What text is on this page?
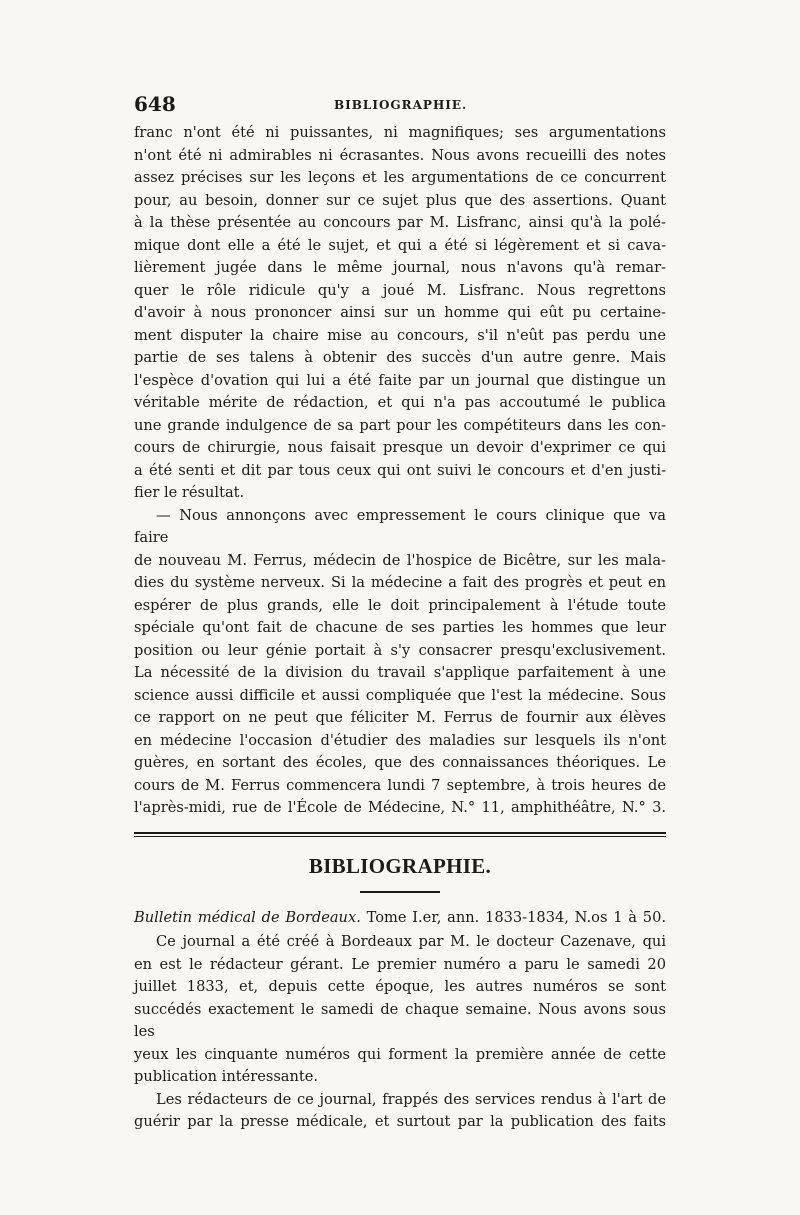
648	BIBLIOGRAPHIE.

franc n'ont été ni puissantes, ni magnifiques; ses argumentations

n'ont été ni admirables ni écrasantes. Nous avons recueilli des notes

assez précises sur les leçons et les argumentations de ce concurrent

pour, au besoin, donner sur ce sujet plus que des assertions. Quant

à la thèse présentée au concours par M. Lisfranc, ainsi qu'à la polé-

mique dont elle a été le sujet, et qui a été si légèrement et si cava-

lièrement jugée dans le même journal, nous n'avons qu'à remar-

quer le rôle ridicule qu'y a joué M. Lisfranc. Nous regrettons

d'avoir à nous prononcer ainsi sur un homme qui eût pu certaine-

ment disputer la chaire mise au concours, s'il n'eût pas perdu une

partie de ses talens à obtenir des succès d'un autre genre. Mais

l'espèce d'ovation qui lui a été faite par un journal que distingue un

véritable mérite de rédaction, et qui n'a pas accoutumé le publica

une grande indulgence de sa part pour les compétiteurs dans les con-

cours de chirurgie, nous faisait presque un devoir d'exprimer ce qui

a été senti et dit par tous ceux qui ont suivi le concours et d'en justi-

fier le résultat.

— Nous annonçons avec empressement le cours clinique que va faire

de nouveau M. Ferrus, médecin de l'hospice de Bicêtre, sur les mala-

dies du système nerveux. Si la médecine a fait des progrès et peut en

espérer de plus grands, elle le doit principalement à l'étude toute

spéciale qu'ont fait de chacune de ses parties les hommes que leur

position ou leur génie portait à s'y consacrer presqu'exclusivement.

La nécessité de la division du travail s'applique parfaitement à une

science aussi difficile et aussi compliquée que l'est la médecine. Sous

ce rapport on ne peut que féliciter M. Ferrus de fournir aux élèves

en médecine l'occasion d'étudier des maladies sur lesquels ils n'ont

guères, en sortant des écoles, que des connaissances théoriques. Le

cours de M. Ferrus commencera lundi 7 septembre, à trois heures de

l'après-midi, rue de l'École de Médecine, N.° 11, amphithéâtre, N.° 3.

BIBLIOGRAPHIE.
Bulletin médical de Bordeaux. Tome I.er, ann. 1833-1834, N.os 1 à 50.

Ce journal a été créé à Bordeaux par M. le docteur Cazenave, qui

en est le rédacteur gérant. Le premier numéro a paru le samedi 20

juillet 1833, et, depuis cette époque, les autres numéros se sont

succédés exactement le samedi de chaque semaine. Nous avons sous les

yeux les cinquante numéros qui forment la première année de cette

publication intéressante.

Les rédacteurs de ce journal, frappés des services rendus à l'art de

guérir par la presse médicale, et surtout par la publication des faits
